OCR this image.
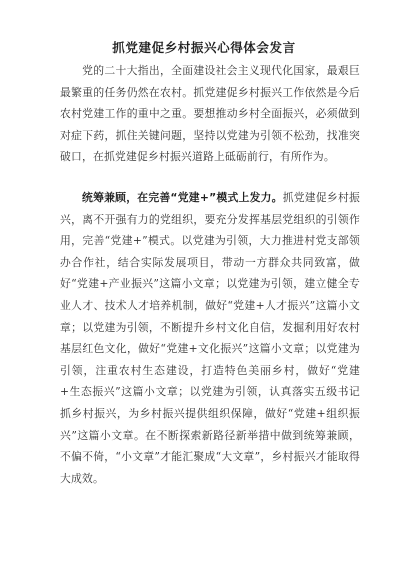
抓党建促乡村振兴心得体会发言
党的二十大指出，全面建设社会主义现代化国家，最艰巨最繁重的任务仍然在农村。抓党建促乡村振兴工作依然是今后农村党建工作的重中之重。要想推动乡村全面振兴，必须做到对症下药，抓住关键问题，坚持以党建为引领不松劲，找准突破口，在抓党建促乡村振兴道路上砥砺前行，有所作为。
统筹兼顾，在完善“党建+”模式上发力。抓党建促乡村振兴，离不开强有力的党组织，要充分发挥基层党组织的引领作用，完善“党建+”模式。以党建为引领，大力推进村党支部领办合作社，结合实际发展项目，带动一方群众共同致富，做好“党建+产业振兴”这篇小文章；以党建为引领，建立健全专业人才、技术人才培养机制，做好“党建+人才振兴”这篇小文章；以党建为引领，不断提升乡村文化自信，发掘利用好农村基层红色文化，做好“党建+文化振兴”这篇小文章；以党建为引领，注重农村生态建设，打造特色美丽乡村，做好“党建+生态振兴”这篇小文章；以党建为引领，认真落实五级书记抓乡村振兴，为乡村振兴提供组织保障，做好“党建+组织振兴”这篇小文章。在不断探索新路径新举措中做到统筹兼顾，不偏不倚，“小文章”才能汇聚成“大文章”，乡村振兴才能取得大成效。
